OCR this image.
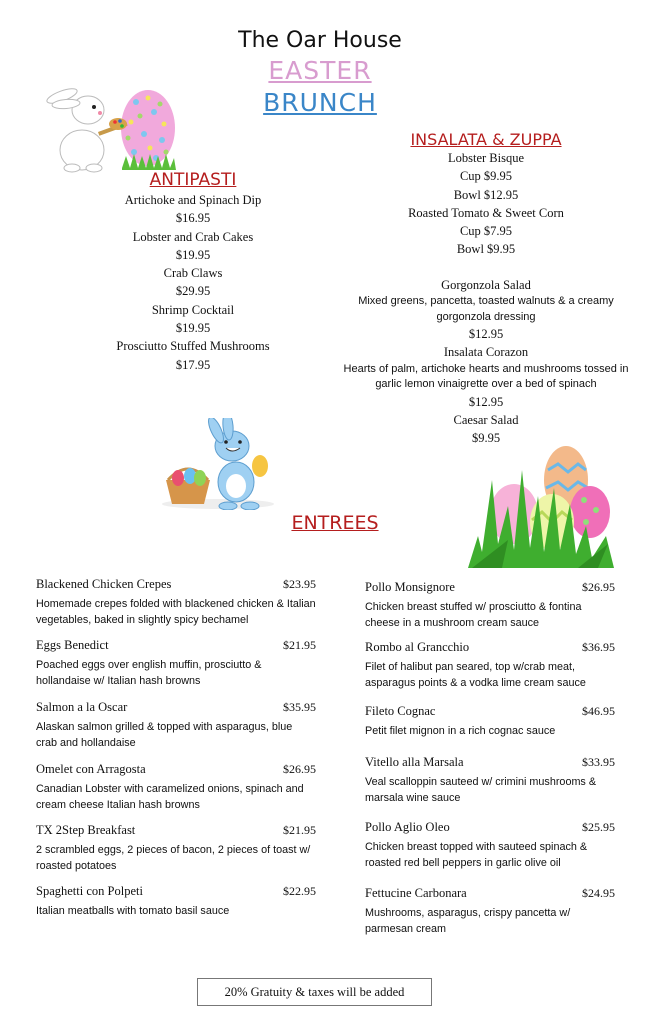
The Oar House
EASTER
BRUNCH
ANTIPASTI
Artichoke and Spinach Dip
$16.95
Lobster and Crab Cakes
$19.95
Crab Claws
$29.95
Shrimp Cocktail
$19.95
Prosciutto Stuffed Mushrooms
$17.95
INSALATA & ZUPPA
Lobster Bisque
Cup $9.95
Bowl $12.95
Roasted Tomato & Sweet Corn
Cup $7.95
Bowl $9.95
Gorgonzola Salad
Mixed greens, pancetta, toasted walnuts & a creamy gorgonzola dressing
$12.95
Insalata Corazon
Hearts of palm, artichoke hearts and mushrooms tossed in garlic lemon vinaigrette over a bed of spinach
$12.95
Caesar Salad
$9.95
ENTREES
Blackened Chicken Crepes	$23.95
Homemade crepes folded with blackened chicken & Italian vegetables, baked in slightly spicy bechamel
Eggs Benedict	$21.95
Poached eggs over english muffin, prosciutto & hollandaise w/ Italian hash browns
Salmon a la Oscar	$35.95
Alaskan salmon grilled & topped with asparagus, blue crab and hollandaise
Omelet con Arragosta	$26.95
Canadian Lobster with caramelized onions, spinach and cream cheese Italian hash browns
TX 2Step Breakfast	$21.95
2 scrambled eggs, 2 pieces of bacon, 2 pieces of toast w/ roasted potatoes
Spaghetti con Polpeti	$22.95
Italian meatballs with tomato basil sauce
Pollo Monsignore	$26.95
Chicken breast stuffed w/ prosciutto & fontina cheese in a mushroom cream sauce
Rombo al Grancchio	$36.95
Filet of halibut pan seared, top w/crab meat, asparagus points & a vodka lime cream sauce
Fileto Cognac	$46.95
Petit filet mignon in a rich cognac sauce
Vitello alla Marsala	$33.95
Veal scalloppin sauteed w/ crimini mushrooms & marsala wine sauce
Pollo Aglio Oleo	$25.95
Chicken breast topped with sauteed spinach & roasted red bell peppers in garlic olive oil
Fettucine Carbonara	$24.95
Mushrooms, asparagus, crispy pancetta w/ parmesan cream
20% Gratuity & taxes will be added
